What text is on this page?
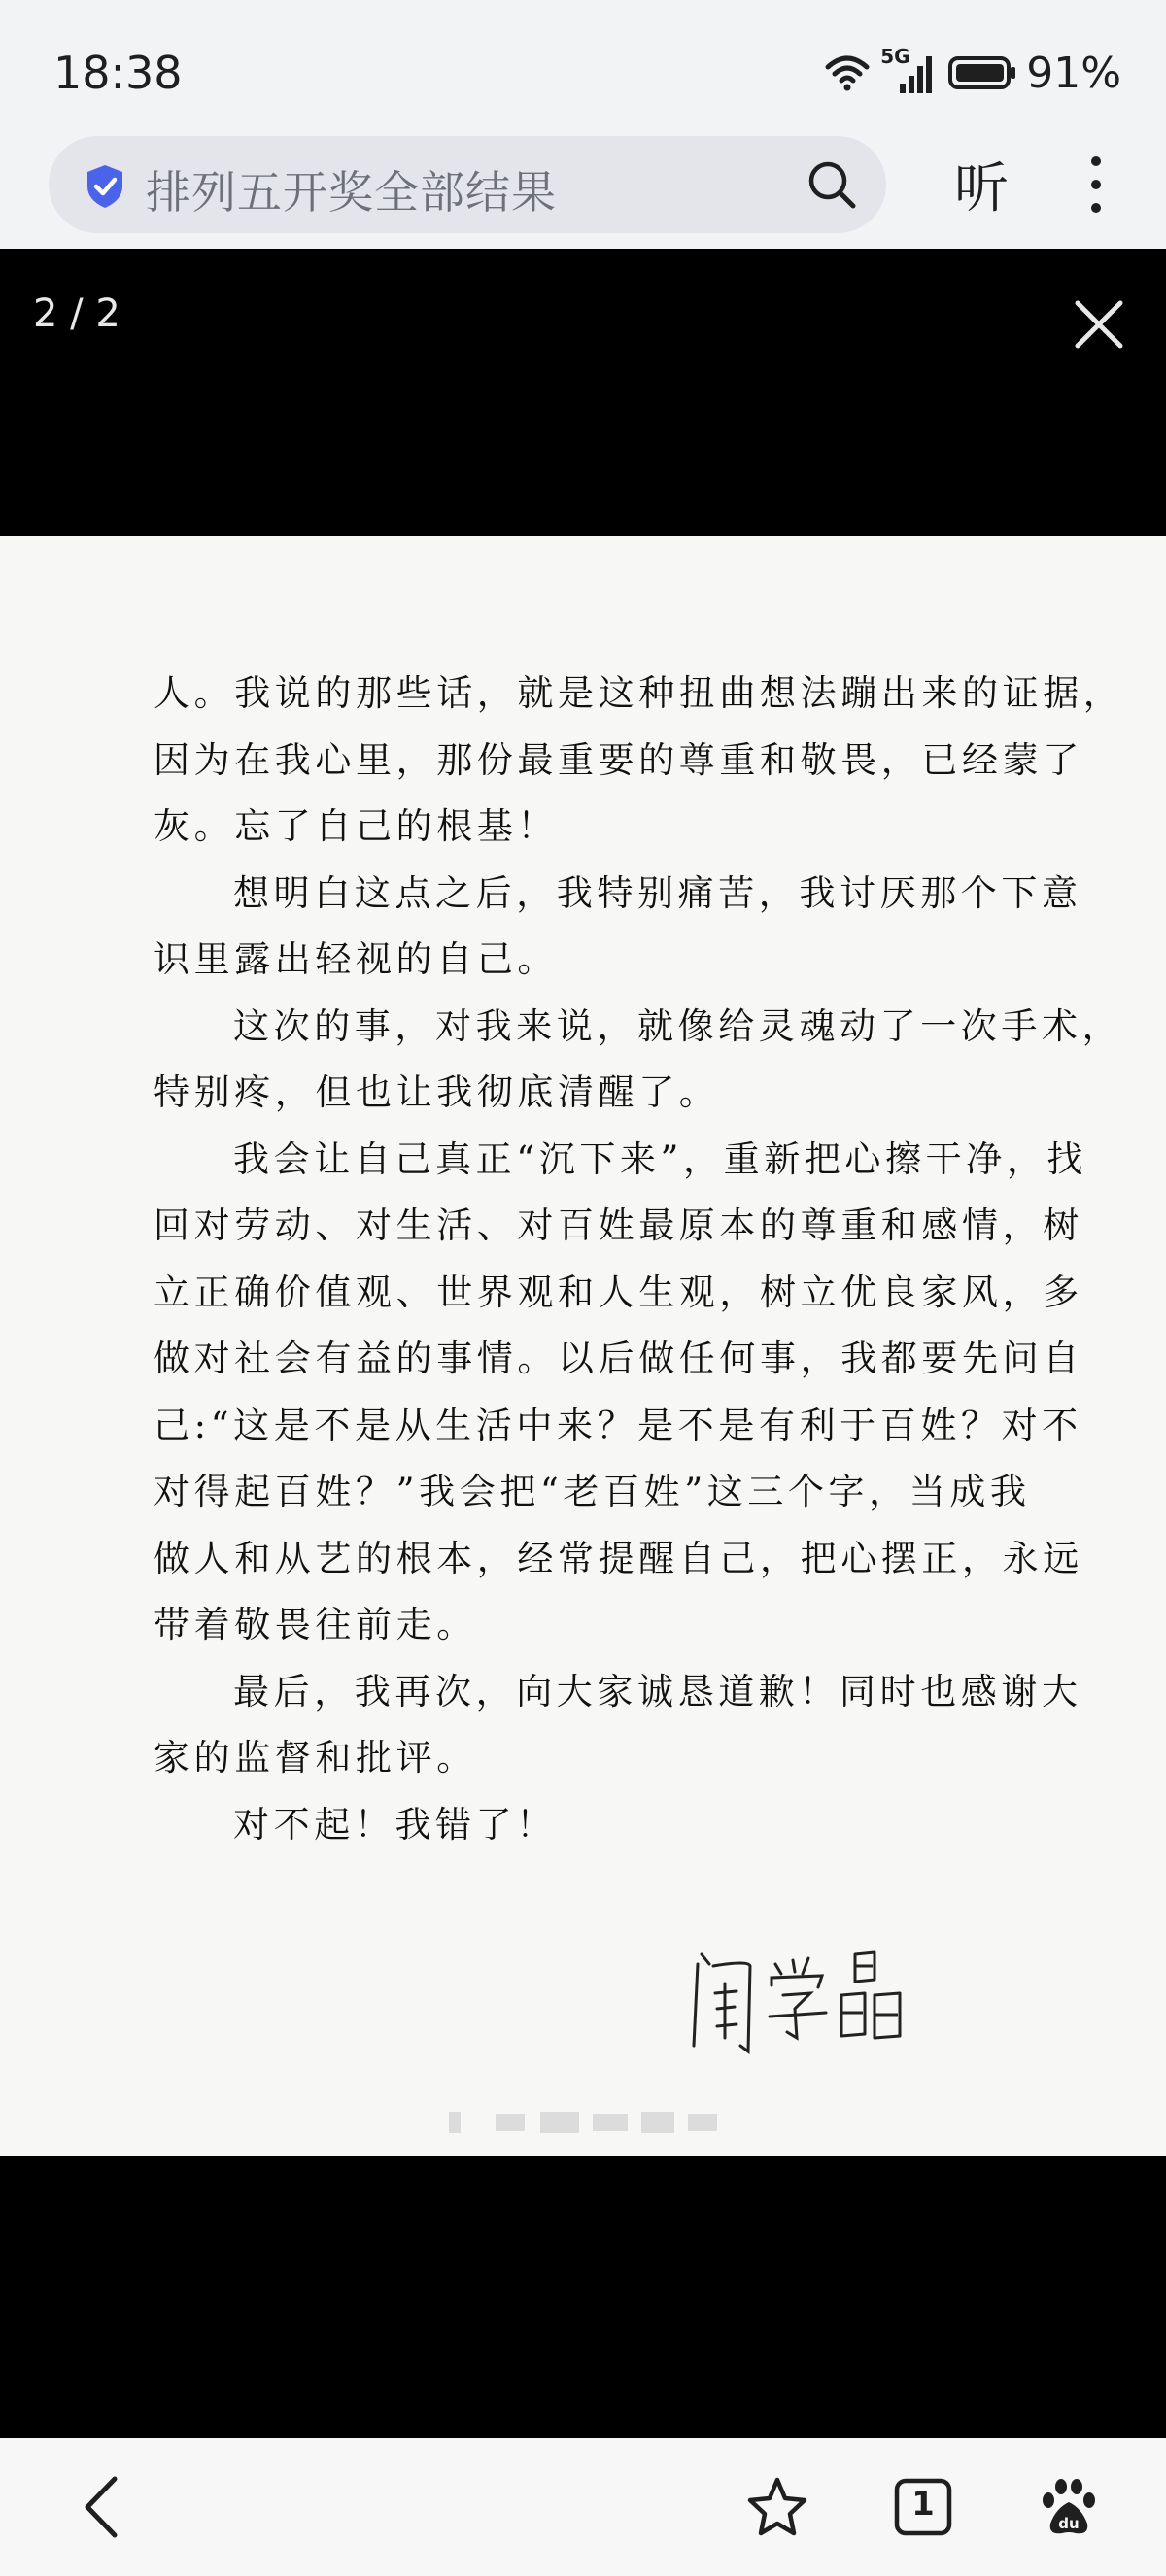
18:38	5G	91%
排列五开奖全部结果	听
2 / 2
人。我说的那些话，就是这种扭曲想法蹦出来的证据，
因为在我心里，那份最重要的尊重和敬畏，已经蒙了
灰。忘了自己的根基！
想明白这点之后，我特别痛苦，我讨厌那个下意
识里露出轻视的自己。
这次的事，对我来说，就像给灵魂动了一次手术，
特别疼，但也让我彻底清醒了。
我会让自己真正“沉下来”，重新把心擦干净，找
回对劳动、对生活、对百姓最原本的尊重和感情，树
立正确价值观、世界观和人生观，树立优良家风，多
做对社会有益的事情。以后做任何事，我都要先问自
己:“这是不是从生活中来？是不是有利于百姓？对不
对得起百姓？”我会把“老百姓”这三个字，当成我
做人和从艺的根本，经常提醒自己，把心摆正，永远
带着敬畏往前走。
最后，我再次，向大家诚恳道歉！同时也感谢大
家的监督和批评。
对不起！我错了！
1	du
